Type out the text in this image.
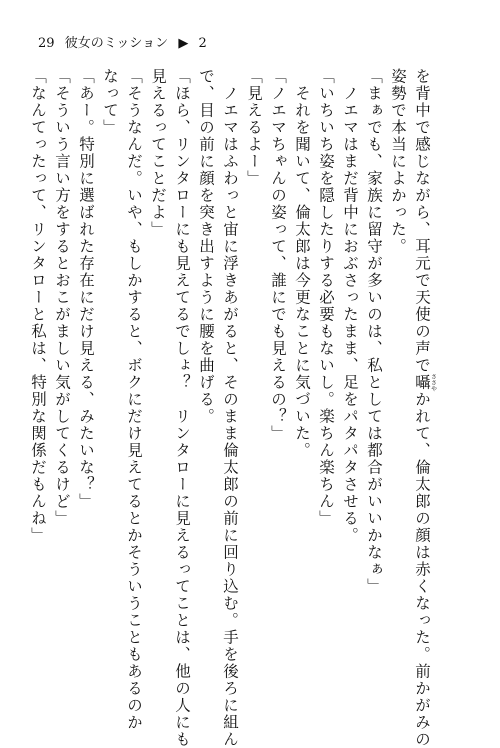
29 彼女のミッション ▶ 2
を背中で感じながら、耳元で天使の声で囁ささやかれて、倫太郎の顔は赤くなった。前かがみの
姿勢で本当によかった。
「まぁでも、家族に留守が多いのは、私としては都合がいいかなぁ」
　ノエマはまだ背中におぶさったまま、足をパタパタさせる。
「いちいち姿を隠したりする必要もないし。楽ちん楽ちん」
　それを聞いて、倫太郎は今更なことに気づいた。
「ノエマちゃんの姿って、誰にでも見えるの？」
「見えるよー」
　ノエマはふわっと宙に浮きあがると、そのまま倫太郎の前に回り込む。手を後ろに組ん
で、目の前に顔を突き出すように腰を曲げる。
「ほら、リンタローにも見えてるでしょ？　リンタローに見えるってことは、他の人にも
見えるってことだよ」
「そうなんだ。いや、もしかすると、ボクにだけ見えてるとかそういうこともあるのか
なって」
「あー。特別に選ばれた存在にだけ見える、みたいな？」
「そういう言い方をするとおこがましい気がしてくるけど」
「なんてったって、リンタローと私は、特別な関係だもんね」
